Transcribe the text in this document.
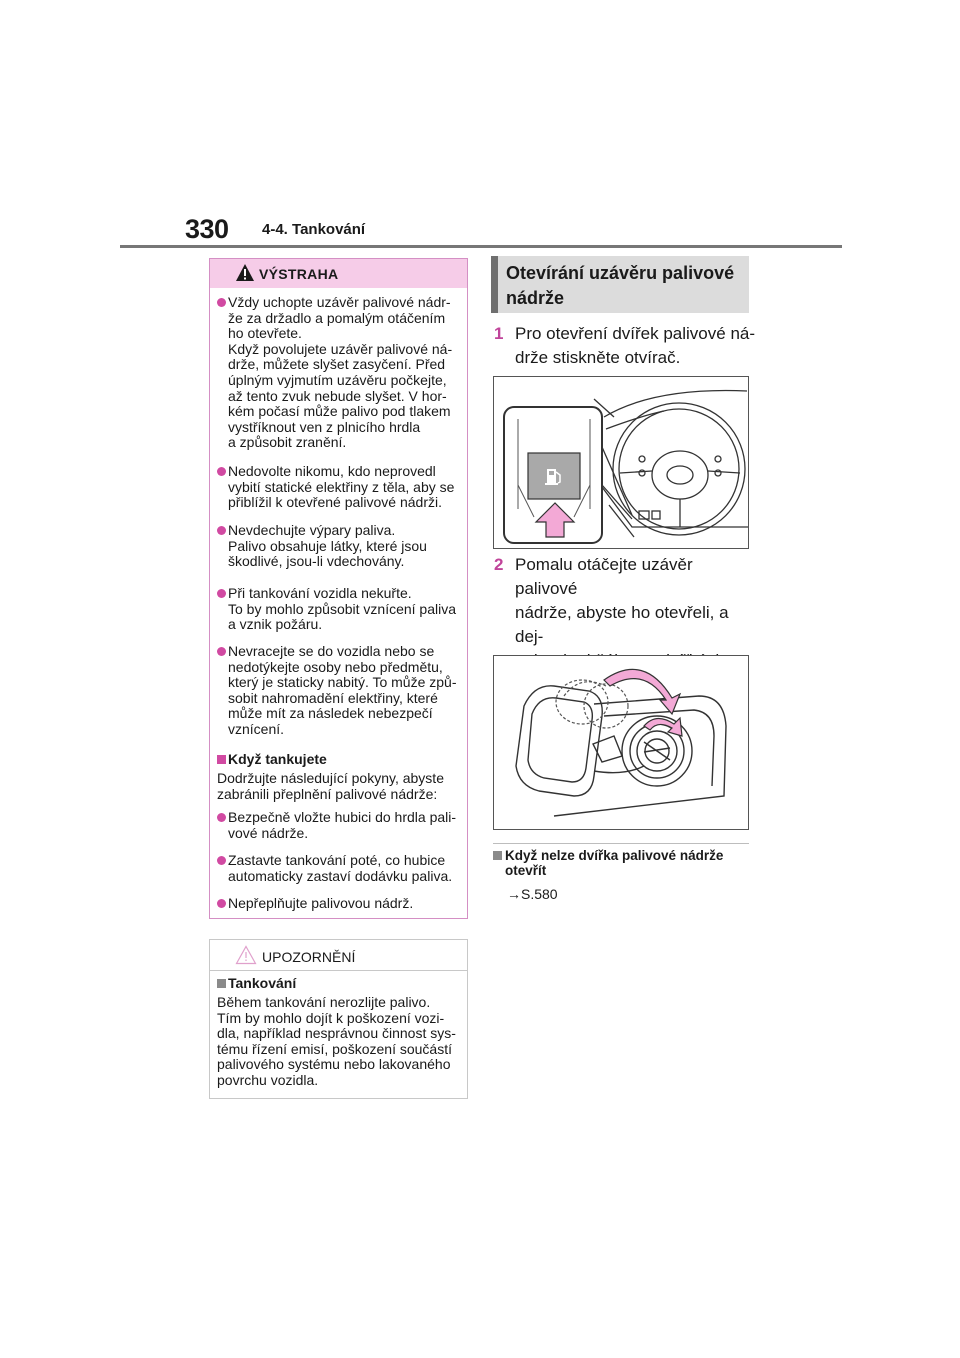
330 4-4. Tankování
VÝSTRAHA
Vždy uchopte uzávěr palivové nádr-
že za držadlo a pomalým otáčením
ho otevřete.
Když povolujete uzávěr palivové ná-
drže, můžete slyšet zasyčení. Před
úplným vyjmutím uzávěru počkejte,
až tento zvuk nebude slyšet. V hor-
kém počasí může palivo pod tlakem
vystříknout ven z plnicího hrdla
a způsobit zranění.
Nedovolte nikomu, kdo neprovedl
vybití statické elektřiny z těla, aby se
přiblížil k otevřené palivové nádrži.
Nevdechujte výpary paliva.
Palivo obsahuje látky, které jsou
škodlivé, jsou-li vdechovány.
Při tankování vozidla nekuřte.
To by mohlo způsobit vznícení paliva
a vznik požáru.
Nevracejte se do vozidla nebo se
nedotýkejte osoby nebo předmětu,
který je staticky nabitý. To může způ-
sobit nahromadění elektřiny, které
může mít za následek nebezpečí
vznícení.
Když tankujete
Dodržujte následující pokyny, abyste
zabránili přeplnění palivové nádrže:
Bezpečně vložte hubici do hrdla pali-
vové nádrže.
Zastavte tankování poté, co hubice
automaticky zastaví dodávku paliva.
Nepřeplňujte palivovou nádrž.
UPOZORNĚNÍ
Tankování
Během tankování nerozlijte palivo.
Tím by mohlo dojít k poškození vozi-
dla, například nesprávnou činnost sys-
tému řízení emisí, poškození součástí
palivového systému nebo lakovaného
povrchu vozidla.
Otevírání uzávěru palivové
nádrže
1 Pro otevření dvířek palivové ná-
drže stiskněte otvírač.
2 Pomalu otáčejte uzávěr palivové
nádrže, abyste ho otevřeli, a dej-

Když nelze dvířka palivové nádrže
otevřít
→S.580
